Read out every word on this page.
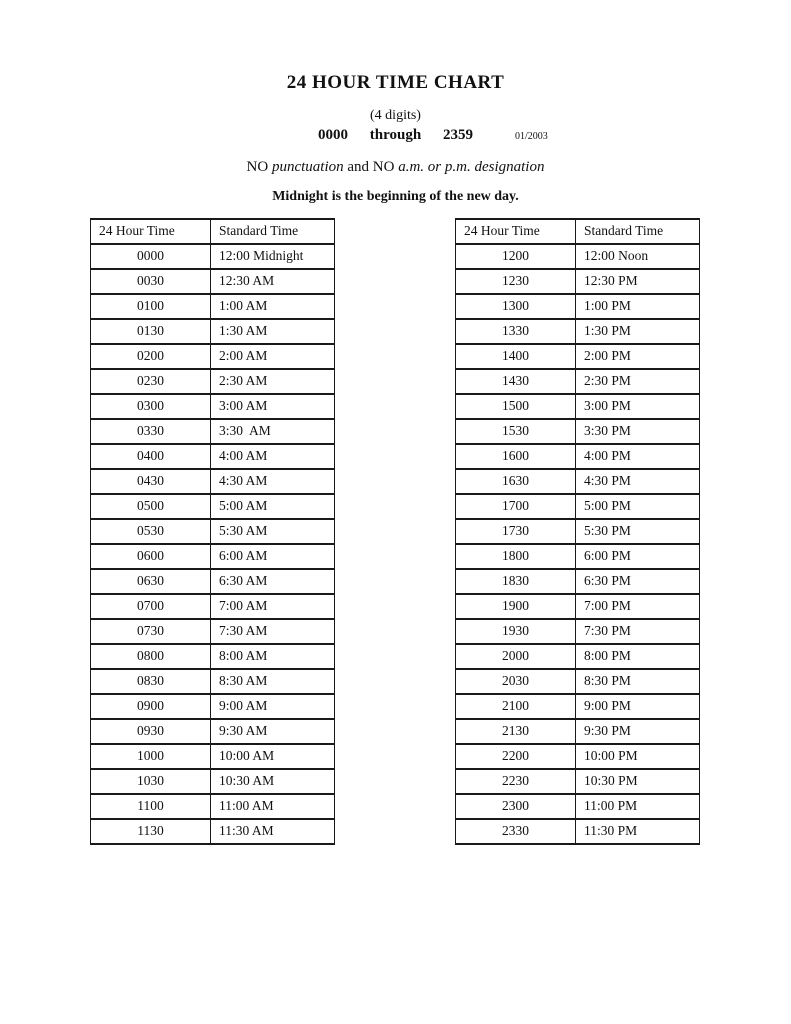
24 HOUR TIME CHART
(4 digits)
0000 through 2359	01/2003
NO punctuation and NO a.m. or p.m. designation
Midnight is the beginning of the new day.
24 Hour Time	Standard Time
0000	12:00 Midnight
0030	12:30 AM
0100	1:00 AM
0130	1:30 AM
0200	2:00 AM
0230	2:30 AM
0300	3:00 AM
0330	3:30  AM
0400	4:00 AM
0430	4:30 AM
0500	5:00 AM
0530	5:30 AM
0600	6:00 AM
0630	6:30 AM
0700	7:00 AM
0730	7:30 AM
0800	8:00 AM
0830	8:30 AM
0900	9:00 AM
0930	9:30 AM
1000	10:00 AM
1030	10:30 AM
1100	11:00 AM
1130	11:30 AM
24 Hour Time	Standard Time
1200	12:00 Noon
1230	12:30 PM
1300	1:00 PM
1330	1:30 PM
1400	2:00 PM
1430	2:30 PM
1500	3:00 PM
1530	3:30 PM
1600	4:00 PM
1630	4:30 PM
1700	5:00 PM
1730	5:30 PM
1800	6:00 PM
1830	6:30 PM
1900	7:00 PM
1930	7:30 PM
2000	8:00 PM
2030	8:30 PM
2100	9:00 PM
2130	9:30 PM
2200	10:00 PM
2230	10:30 PM
2300	11:00 PM
2330	11:30 PM
